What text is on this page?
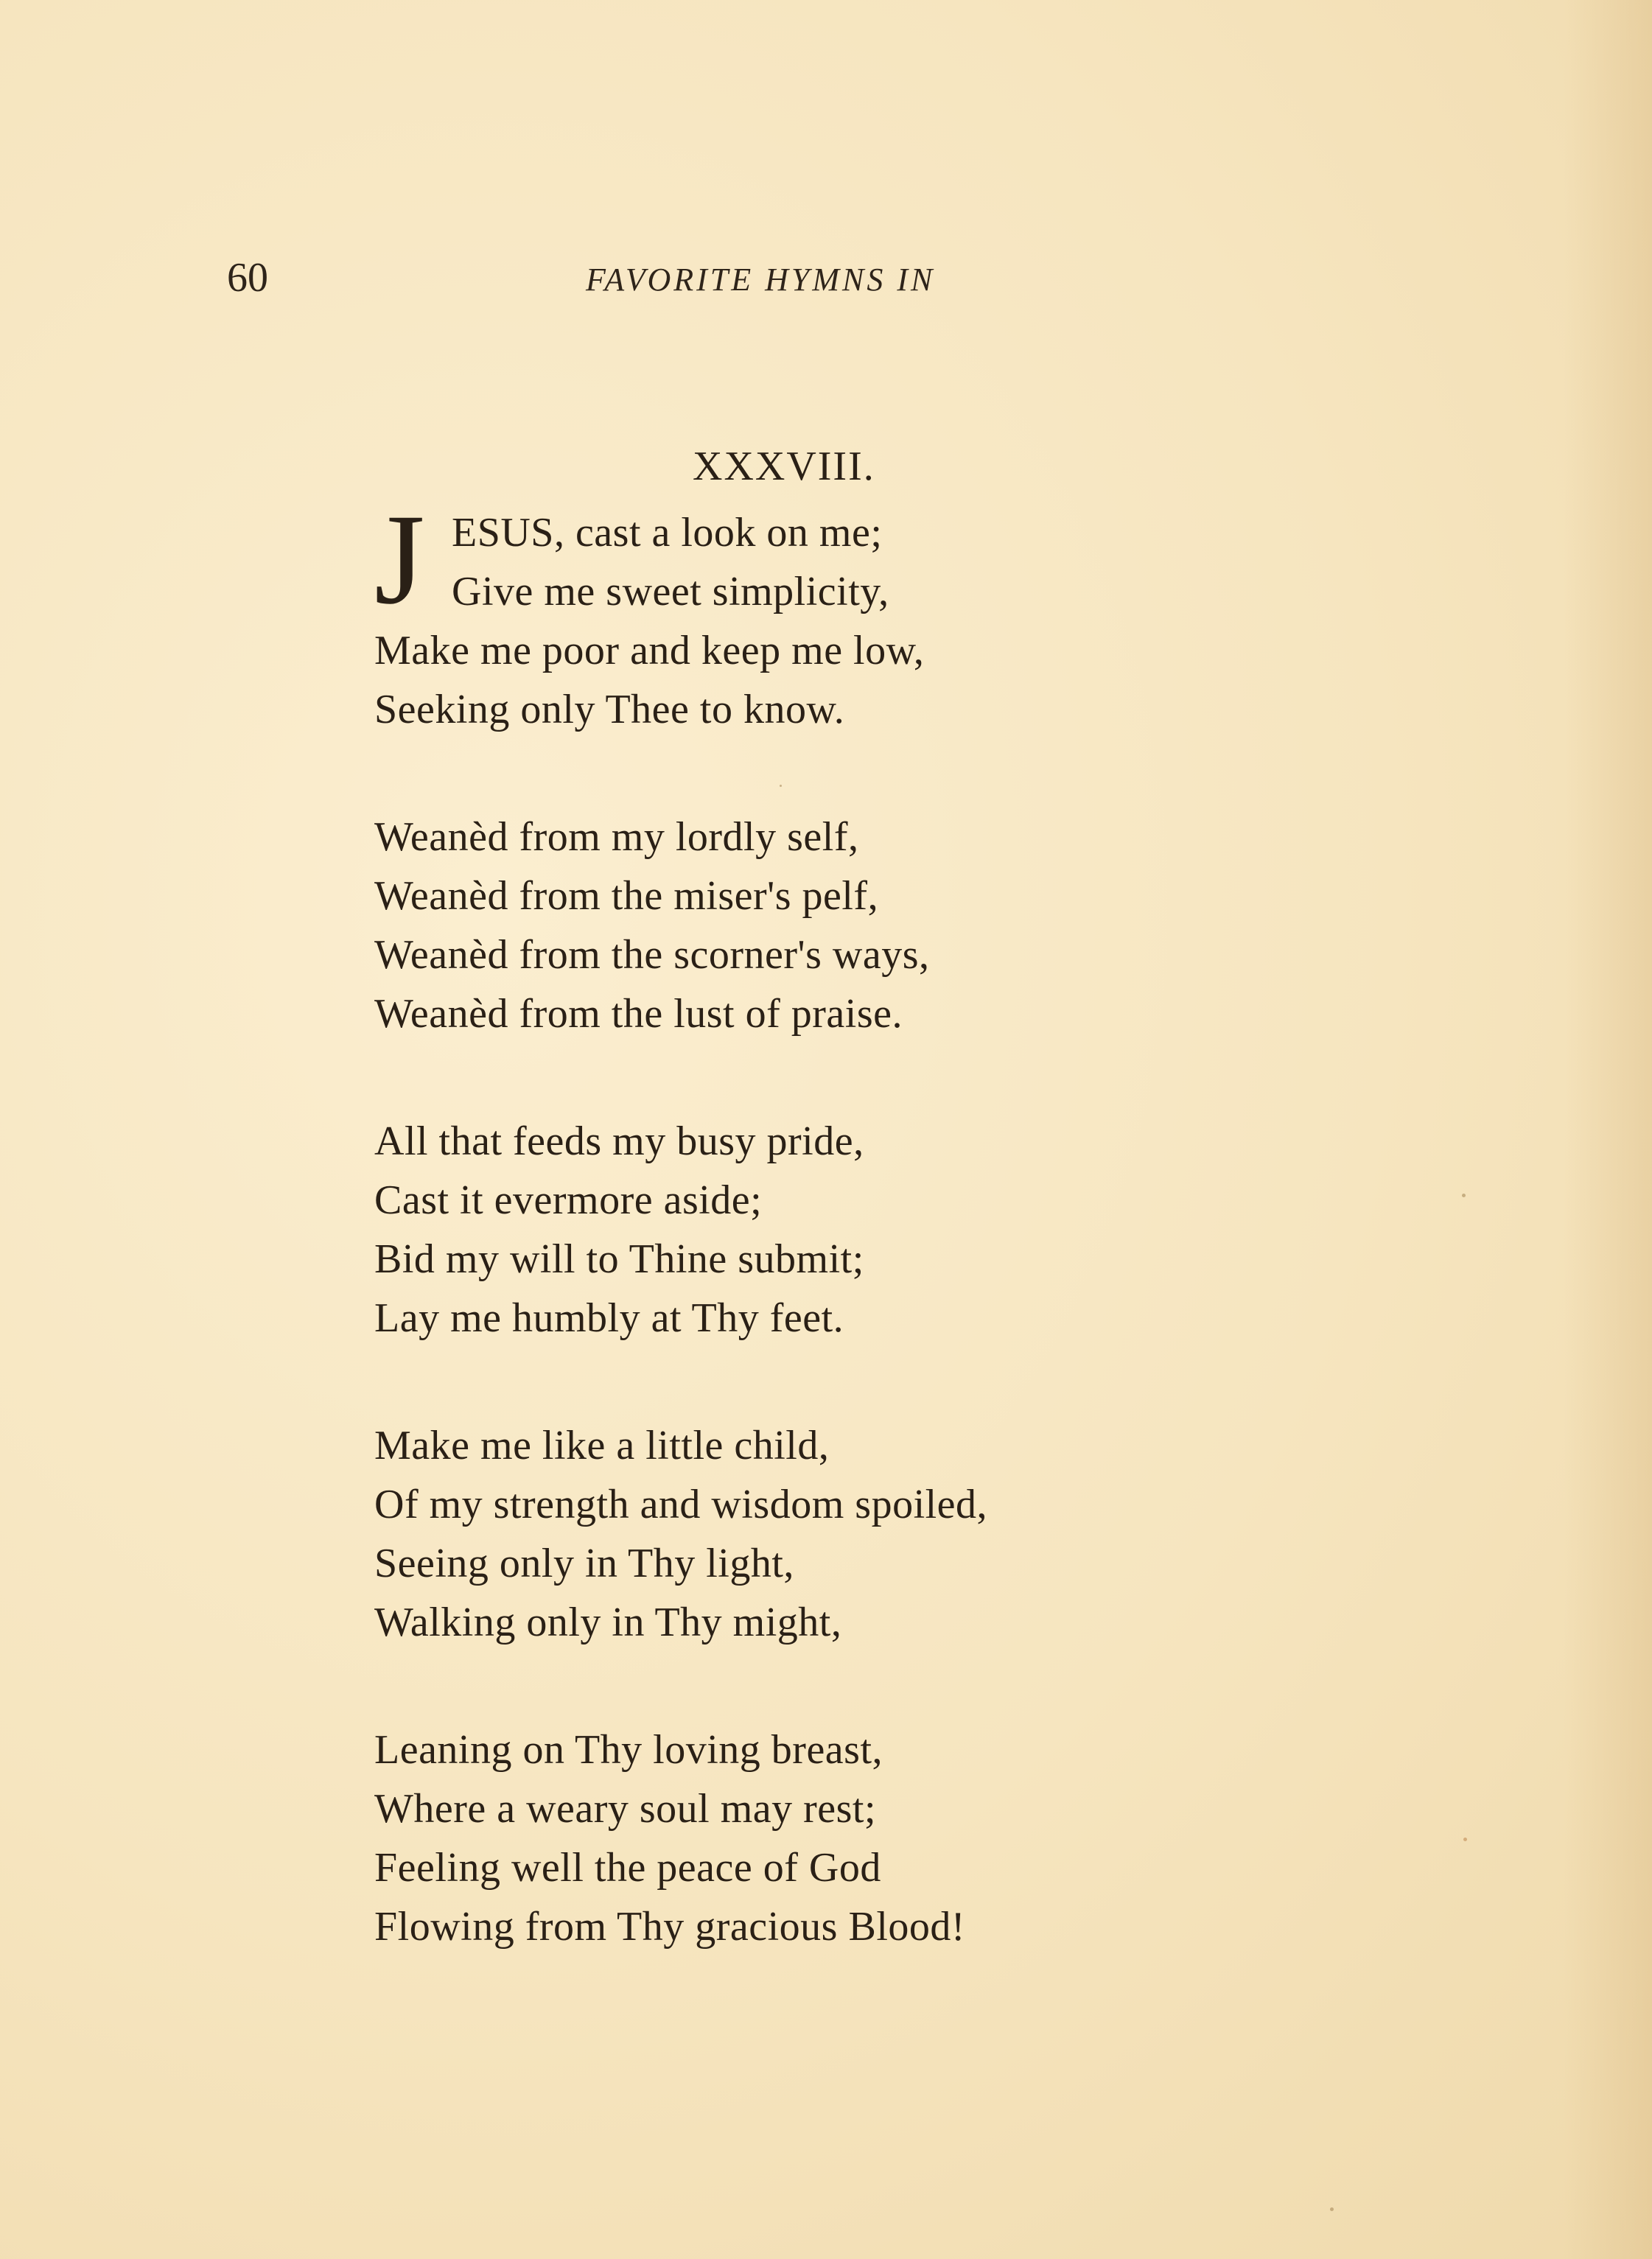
60	FAVORITE HYMNS IN
XXXVIII.
J ESUS, cast a look on me;
Give me sweet simplicity,
Make me poor and keep me low,
Seeking only Thee to know.
Weanèd from my lordly self,
Weanèd from the miser's pelf,
Weanèd from the scorner's ways,
Weanèd from the lust of praise.
All that feeds my busy pride,
Cast it evermore aside;
Bid my will to Thine submit;
Lay me humbly at Thy feet.
Make me like a little child,
Of my strength and wisdom spoiled,
Seeing only in Thy light,
Walking only in Thy might,
Leaning on Thy loving breast,
Where a weary soul may rest;
Feeling well the peace of God
Flowing from Thy gracious Blood!
